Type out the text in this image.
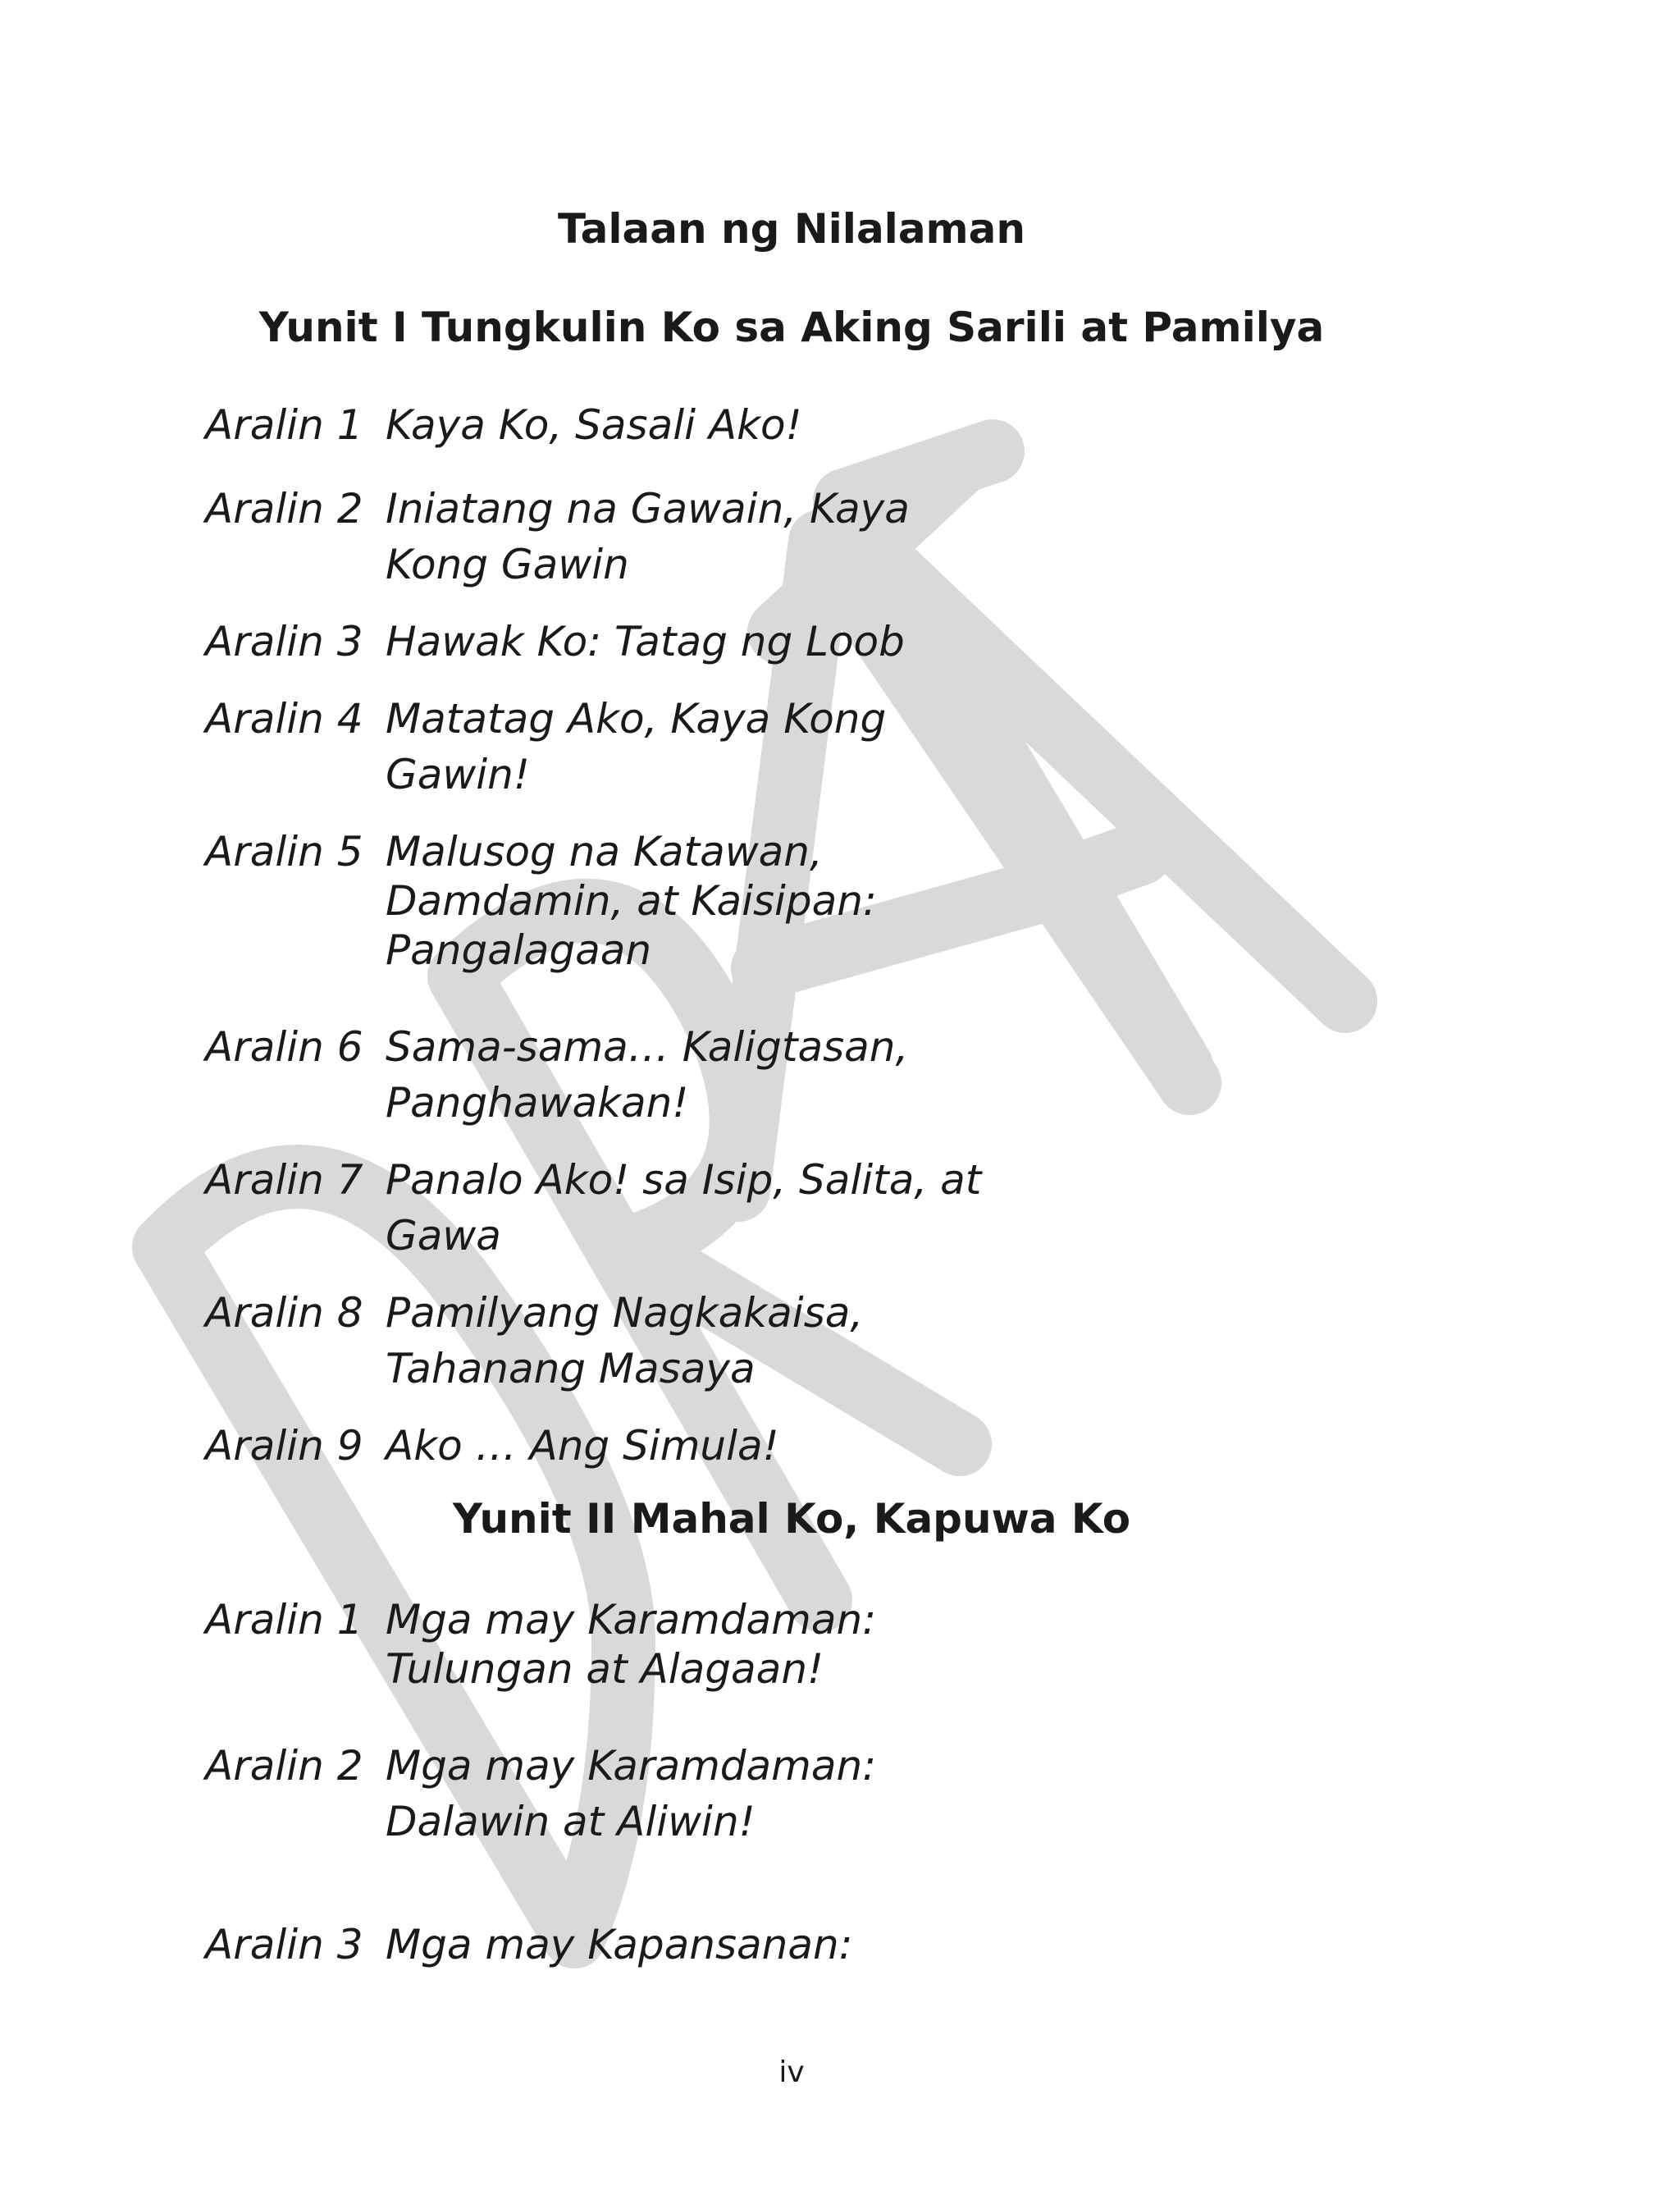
Talaan ng Nilalaman
Yunit I Tungkulin Ko sa Aking Sarili at Pamilya
Aralin 1 Kaya Ko, Sasali Ako!
Aralin 2 Iniatang na Gawain, Kaya
Kong Gawin
Aralin 3 Hawak Ko: Tatag ng Loob
Aralin 4 Matatag Ako, Kaya Kong
Gawin!
Aralin 5 Malusog na Katawan,
Damdamin, at Kaisipan:
Pangalagaan
Aralin 6 Sama-sama… Kaligtasan,
Panghawakan!
Aralin 7 Panalo Ako! sa Isip, Salita, at
Gawa
Aralin 8 Pamilyang Nagkakaisa,
Tahanang Masaya
Aralin 9 Ako … Ang Simula!
Yunit II Mahal Ko, Kapuwa Ko
Aralin 1 Mga may Karamdaman:
Tulungan at Alagaan!
Aralin 2 Mga may Karamdaman:
Dalawin at Aliwin!
Aralin 3 Mga may Kapansanan:
iv
